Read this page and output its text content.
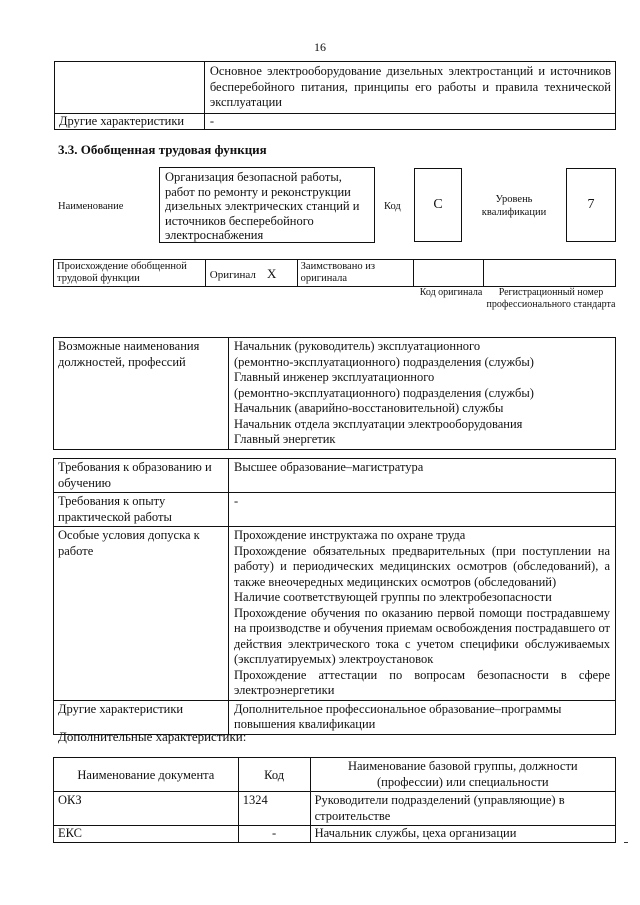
16
	Основное электрооборудование дизельных электростанций и источников бесперебойного питания, принципы его работы и правила технической эксплуатации
Другие характеристики	-
3.3. Обобщенная трудовая функция
Наименование
Организация безопасной работы, работ по ремонту и реконструкции дизельных электрических станций и источников бесперебойного электроснабжения
Код C	Уровень квалификации	7
Происхождение обобщенной трудовой функции	Оригинал X	Заимствовано из оригинала		
Код оригинала	Регистрационный номер профессионального стандарта
Возможные наименования должностей, профессий	
Начальник (руководитель) эксплуатационного
(ремонтно-эксплуатационного) подразделения (службы)
Главный инженер эксплуатационного
(ремонтно-эксплуатационного) подразделения (службы)
Начальник (аварийно-восстановительной) службы
Начальник отдела эксплуатации электрооборудования
Главный энергетик
Требования к образованию и обучению	Высшее образование–магистратура
Требования к опыту практической работы	-
Особые условия допуска к работе	Прохождение инструктажа по охране труда
Прохождение обязательных предварительных (при поступлении на работу) и периодических медицинских осмотров (обследований), а также внеочередных медицинских осмотров (обследований)
Наличие соответствующей группы по электробезопасности
Прохождение обучения по оказанию первой помощи пострадавшему на производстве и обучения приемам освобождения пострадавшего от действия электрического тока с учетом специфики обслуживаемых (эксплуатируемых) электроустановок
Прохождение аттестации по вопросам безопасности в сфере электроэнергетики

Другие характеристики	Дополнительное профессиональное образование–программы повышения квалификации
Дополнительные характеристики:
Наименование документа	Код	Наименование базовой группы, должности (профессии) или специальности
ОКЗ	1324	Руководители подразделений (управляющие) в строительстве
ЕКС	-	Начальник службы, цеха организации
